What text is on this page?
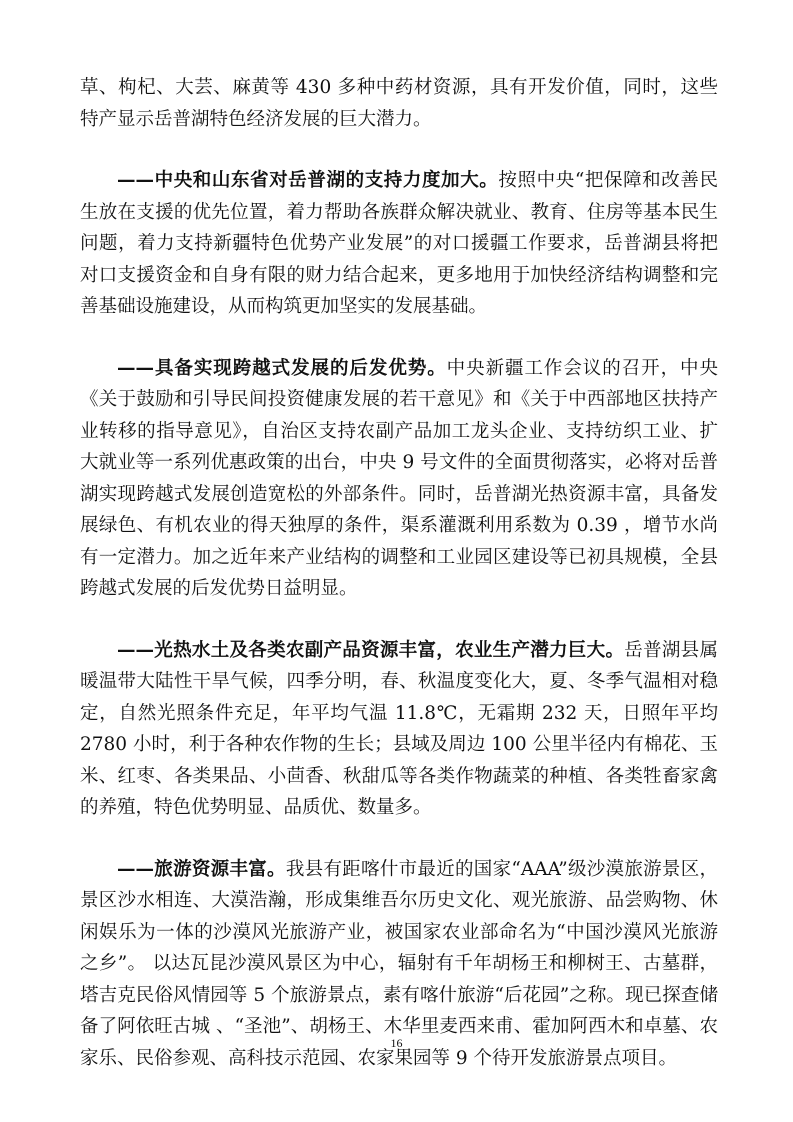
草、枸杞、大芸、麻黄等 430 多种中药材资源，具有开发价值，同时，这些特产显示岳普湖特色经济发展的巨大潜力。

——中央和山东省对岳普湖的支持力度加大。按照中央“把保障和改善民生放在支援的优先位置，着力帮助各族群众解决就业、教育、住房等基本民生问题，着力支持新疆特色优势产业发展”的对口援疆工作要求，岳普湖县将把对口支援资金和自身有限的财力结合起来，更多地用于加快经济结构调整和完善基础设施建设，从而构筑更加坚实的发展基础。

——具备实现跨越式发展的后发优势。中央新疆工作会议的召开，中央《关于鼓励和引导民间投资健康发展的若干意见》和《关于中西部地区扶持产业转移的指导意见》，自治区支持农副产品加工龙头企业、支持纺织工业、扩大就业等一系列优惠政策的出台，中央 9 号文件的全面贯彻落实，必将对岳普湖实现跨越式发展创造宽松的外部条件。同时，岳普湖光热资源丰富，具备发展绿色、有机农业的得天独厚的条件，渠系灌溉利用系数为 0.39 ，增节水尚有一定潜力。加之近年来产业结构的调整和工业园区建设等已初具规模，全县跨越式发展的后发优势日益明显。

——光热水土及各类农副产品资源丰富，农业生产潜力巨大。岳普湖县属暖温带大陆性干旱气候，四季分明，春、秋温度变化大，夏、冬季气温相对稳定，自然光照条件充足，年平均气温 11.8℃，无霜期 232 天，日照年平均 2780 小时，利于各种农作物的生长；县域及周边 100 公里半径内有棉花、玉米、红枣、各类果品、小茴香、秋甜瓜等各类作物蔬菜的种植、各类牲畜家禽的养殖，特色优势明显、品质优、数量多。

——旅游资源丰富。我县有距喀什市最近的国家“AAA”级沙漠旅游景区，景区沙水相连、大漠浩瀚，形成集维吾尔历史文化、观光旅游、品尝购物、休闲娱乐为一体的沙漠风光旅游产业，被国家农业部命名为“中国沙漠风光旅游之乡”。 以达瓦昆沙漠风景区为中心，辐射有千年胡杨王和柳树王、古墓群，塔吉克民俗风情园等 5 个旅游景点，素有喀什旅游“后花园”之称。现已探查储备了阿依旺古城 、“圣池”、胡杨王、木华里麦西来甫、霍加阿西木和卓墓、农家乐、民俗参观、高科技示范园、农家果园等 9 个待开发旅游景点项目。

16
